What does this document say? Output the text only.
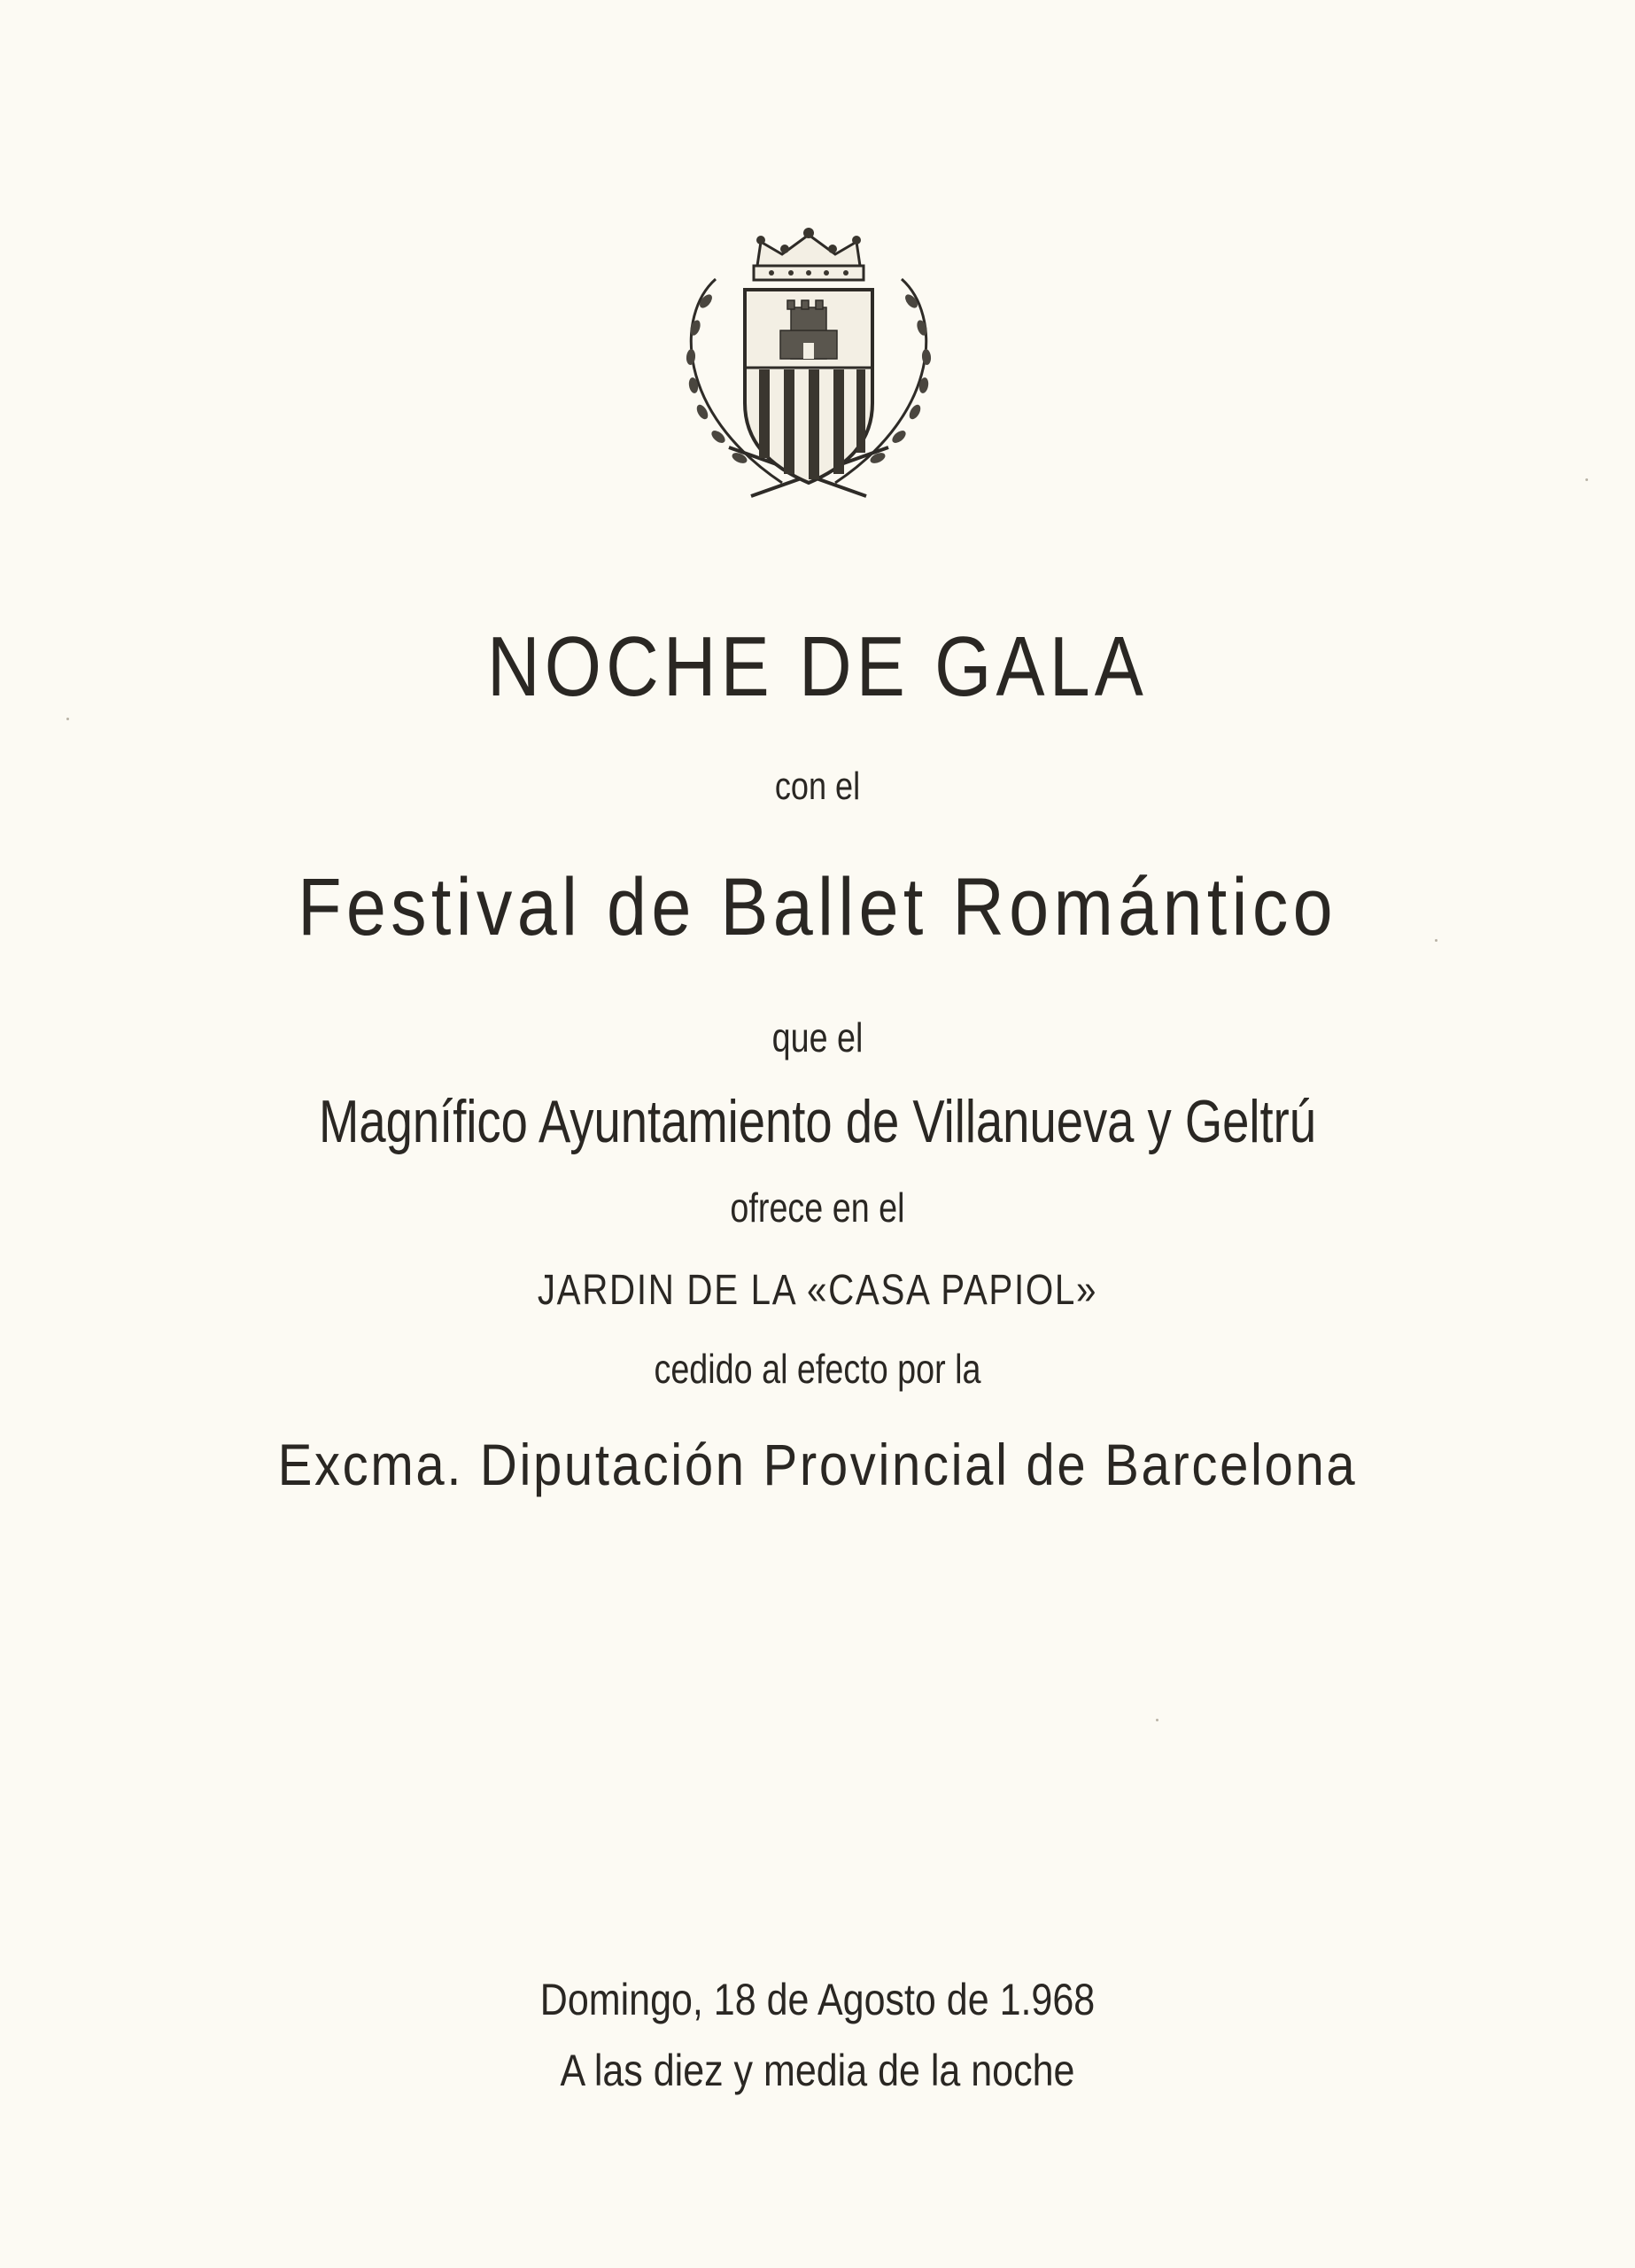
NOCHE DE GALA
con el
Festival de Ballet Romántico
que el
Magnífico Ayuntamiento de Villanueva y Geltrú
ofrece en el
JARDIN DE LA «CASA PAPIOL»
cedido al efecto por la
Excma. Diputación Provincial de Barcelona
Domingo, 18 de Agosto de 1.968
A las diez y media de la noche
